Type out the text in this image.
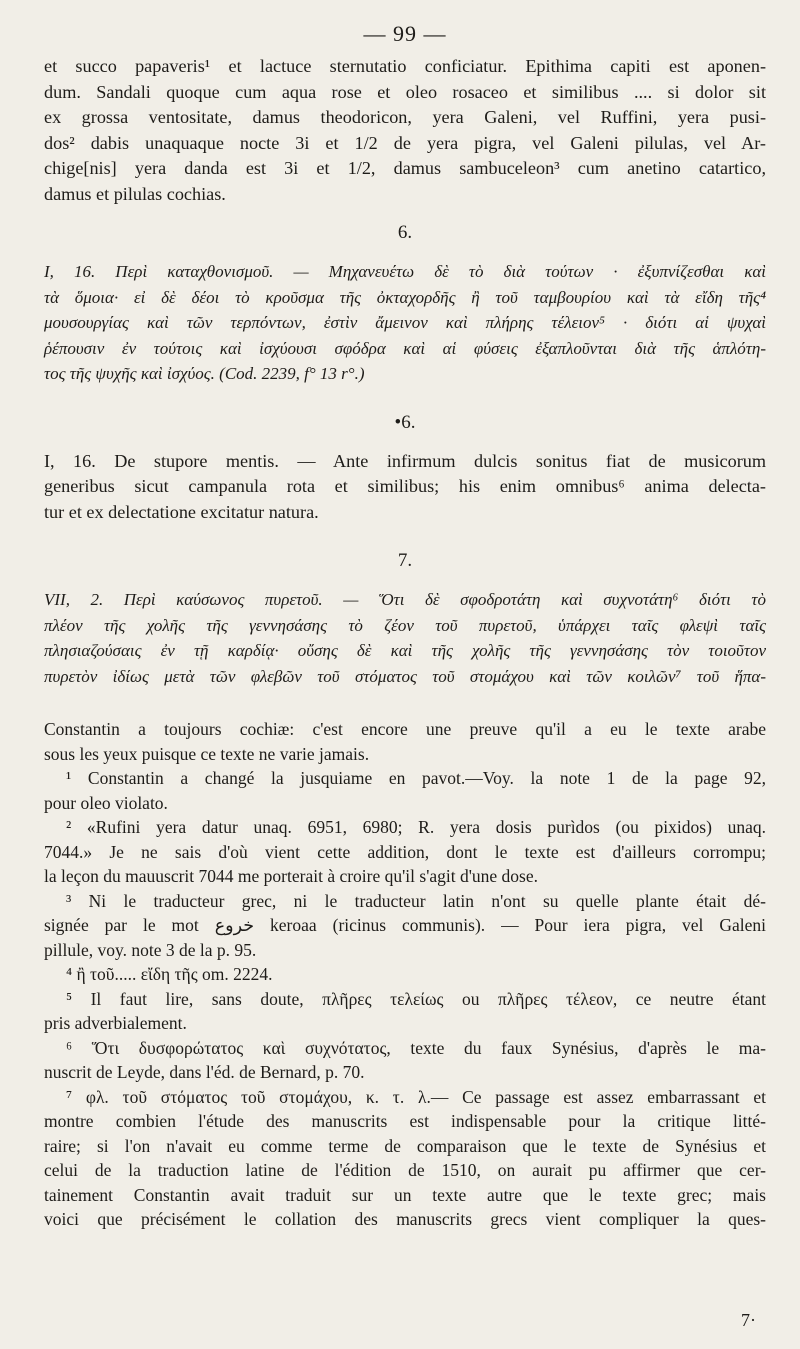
— 99 —

et succo papaveris¹ et lactuce sternutatio conficiatur. Epithima capiti est aponen-
dum. Sandali quoque cum aqua rose et oleo rosaceo et similibus .... si dolor sit
ex grossa ventositate, damus theodoricon, yera Galeni, vel Ruffini, yera pusi-
dos² dabis unaquaque nocte 3i et 1/2 de yera pigra, vel Galeni pilulas, vel Ar-
chige[nis] yera danda est 3i et 1/2, damus sambuceleon³ cum anetino catartico,
damus et pilulas cochias.

6.

I, 16. Περὶ καταχθονισμοῦ. — Μηχανευέτω δὲ τὸ διὰ τούτων · ἐξυπνίζεσθαι καὶ
τὰ ὅμοια· εἰ δὲ δέοι τὸ κροῦσμα τῆς ὀκταχορδῆς ἢ τοῦ ταμβουρίου καὶ τὰ εἴδη τῆς⁴
μουσουργίας καὶ τῶν τερπόντων, ἐστὶν ἄμεινον καὶ πλήρης τέλειον⁵ · διότι αἱ ψυχαὶ
ῥέπουσιν ἐν τούτοις καὶ ἰσχύουσι σφόδρα καὶ αἱ φύσεις ἐξαπλοῦνται διὰ τῆς ἁπλότη-
τος τῆς ψυχῆς καὶ ἰσχύος. (Cod. 2239, f° 13 r°.)

•6.

I, 16. De stupore mentis. — Ante infirmum dulcis sonitus fiat de musicorum
generibus sicut campanula rota et similibus; his enim omnibus⁶ anima delecta-
tur et ex delectatione excitatur natura.

7.

VII, 2. Περὶ καύσωνος πυρετοῦ. — Ὅτι δὲ σφοδροτάτη καὶ συχνοτάτη⁶ διότι τὸ
πλέον τῆς χολῆς τῆς γεννησάσης τὸ ζέον τοῦ πυρετοῦ, ὑπάρχει ταῖς φλεψὶ ταῖς
πλησιαζούσαις ἐν τῇ καρδίᾳ· οὔσης δὲ καὶ τῆς χολῆς τῆς γεννησάσης τὸν τοιοῦτον
πυρετὸν ἰδίως μετὰ τῶν φλεβῶν τοῦ στόματος τοῦ στομάχου καὶ τῶν κοιλῶν⁷ τοῦ ἥπα-

Constantin a toujours cochiæ: c'est encore une preuve qu'il a eu le texte arabe
sous les yeux puisque ce texte ne varie jamais.
¹ Constantin a changé la jusquiame en pavot.—Voy. la note 1 de la page 92,
pour oleo violato.
² «Rufini yera datur unaq. 6951, 6980; R. yera dosis purìdos (ou pixidos) unaq.
7044.» Je ne sais d'où vient cette addition, dont le texte est d'ailleurs corrompu;
la leçon du mauuscrit 7044 me porterait à croire qu'il s'agit d'une dose.
³ Ni le traducteur grec, ni le traducteur latin n'ont su quelle plante était dé-
signée par le mot خروع keroaa (ricinus communis). — Pour iera pigra, vel Galeni
pillule, voy. note 3 de la p. 95.
⁴ ἢ τοῦ..... εἴδη τῆς om. 2224.
⁵ Il faut lire, sans doute, πλῆρες τελείως ou πλῆρες τέλεον, ce neutre étant
pris adverbialement.
⁶ Ὅτι δυσφορώτατος καὶ συχνότατος, texte du faux Synésius, d'après le ma-
nuscrit de Leyde, dans l'éd. de Bernard, p. 70.
⁷ φλ. τοῦ στόματος τοῦ στομάχου, κ. τ. λ.— Ce passage est assez embarrassant et
montre combien l'étude des manuscrits est indispensable pour la critique litté-
raire; si l'on n'avait eu comme terme de comparaison que le texte de Synésius et
celui de la traduction latine de l'édition de 1510, on aurait pu affirmer que cer-
tainement Constantin avait traduit sur un texte autre que le texte grec; mais
voici que précisément le collation des manuscrits grecs vient compliquer la ques-
7·
